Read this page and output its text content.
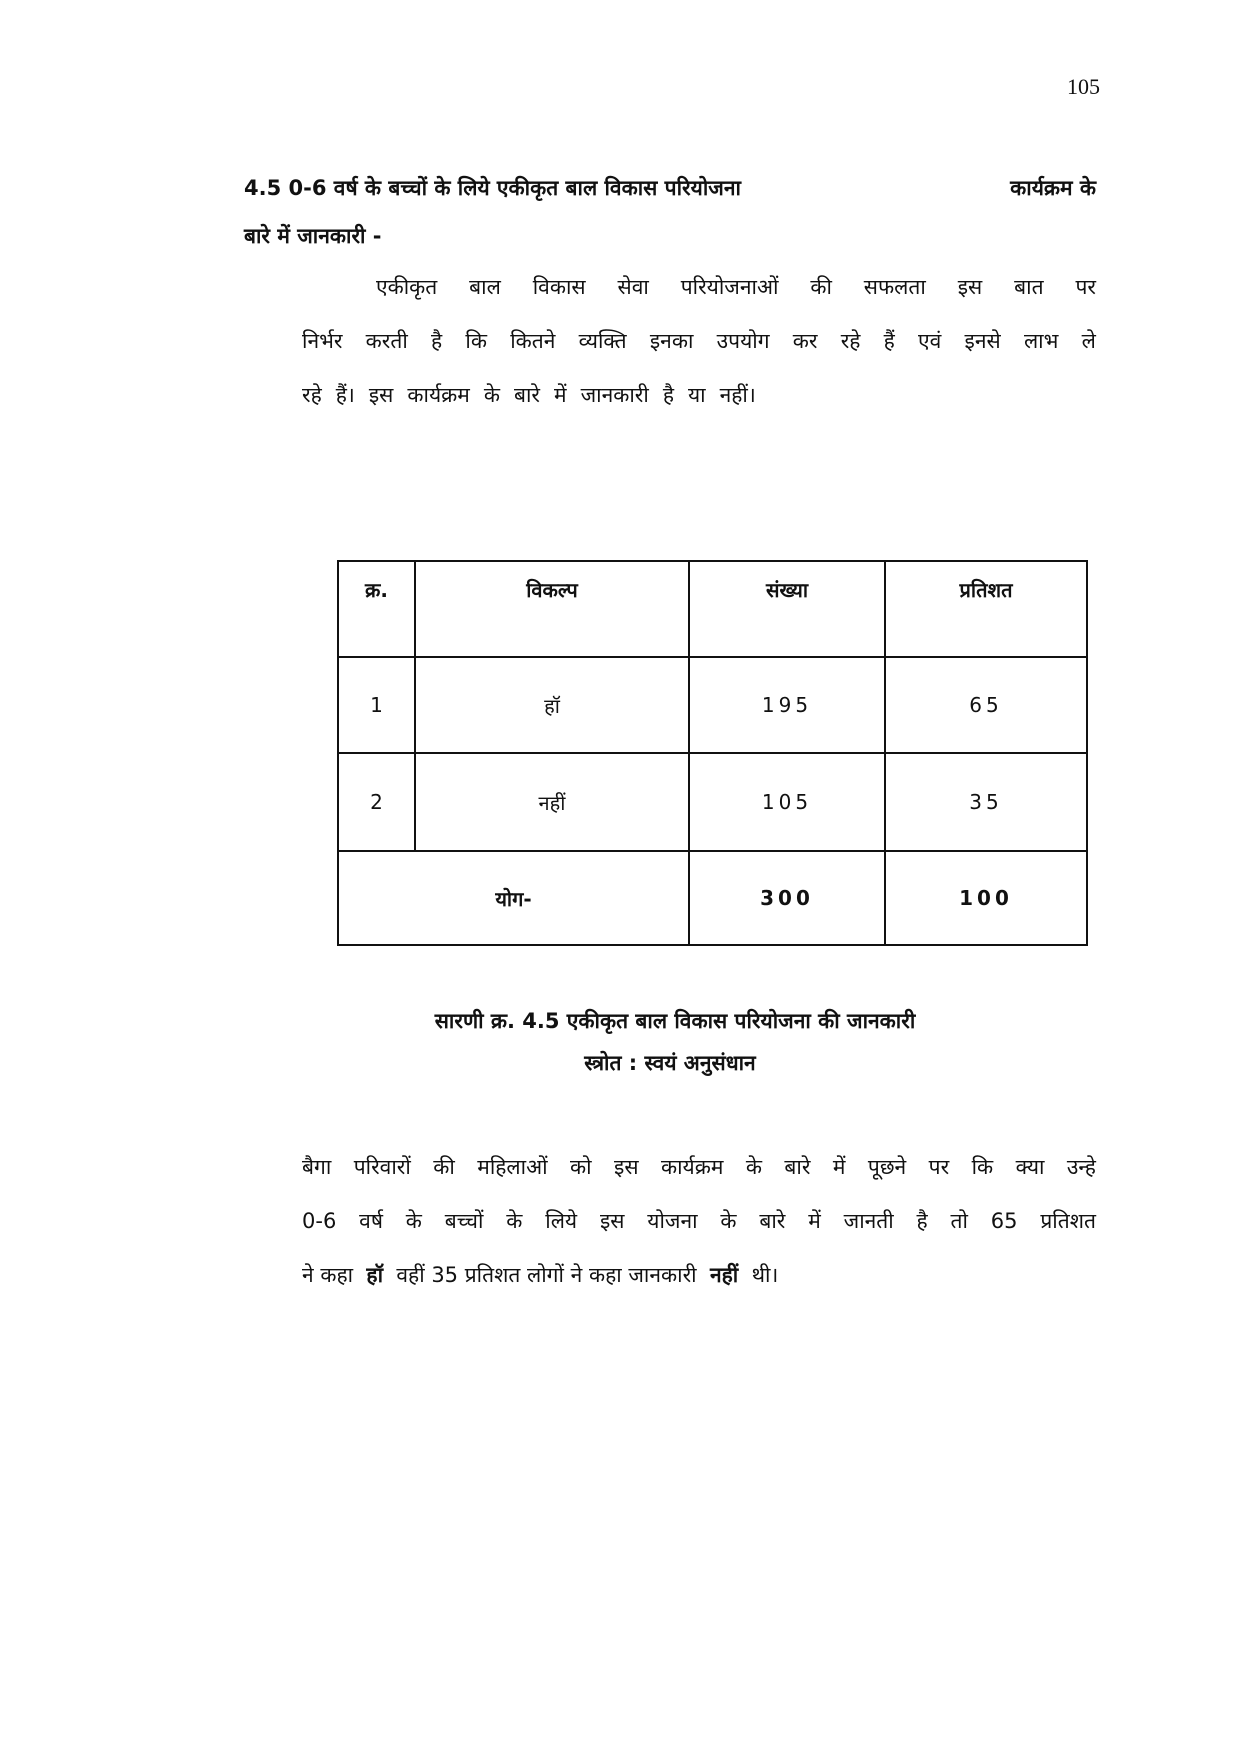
105
4.5 0-6 वर्ष के बच्चों के लिये एकीकृत बाल विकास परियोजना	कार्यक्रम के
बारे में जानकारी -
एकीकृत बाल विकास सेवा परियोजनाओं की सफलता इस बात पर
निर्भर करती है कि कितने व्यक्ति इनका उपयोग कर रहे हैं एवं इनसे लाभ ले
रहे हैं। इस कार्यक्रम के बारे में जानकारी है या नहीं।
क्र.	विकल्प	संख्या	प्रतिशत
1	हॉ	195	65
2	नहीं	105	35
योग-		300	100
सारणी क्र. 4.5 एकीकृत बाल विकास परियोजना की जानकारी
स्त्रोत : स्वयं अनुसंधान
बैगा परिवारों की महिलाओं को इस कार्यक्रम के बारे में पूछने पर कि क्या उन्हे
0-6 वर्ष के बच्चों के लिये इस योजना के बारे में जानती है तो 65 प्रतिशत
ने कहा
हॉ
वहीं 35 प्रतिशत लोगों ने कहा जानकारी
नहीं
थी।
